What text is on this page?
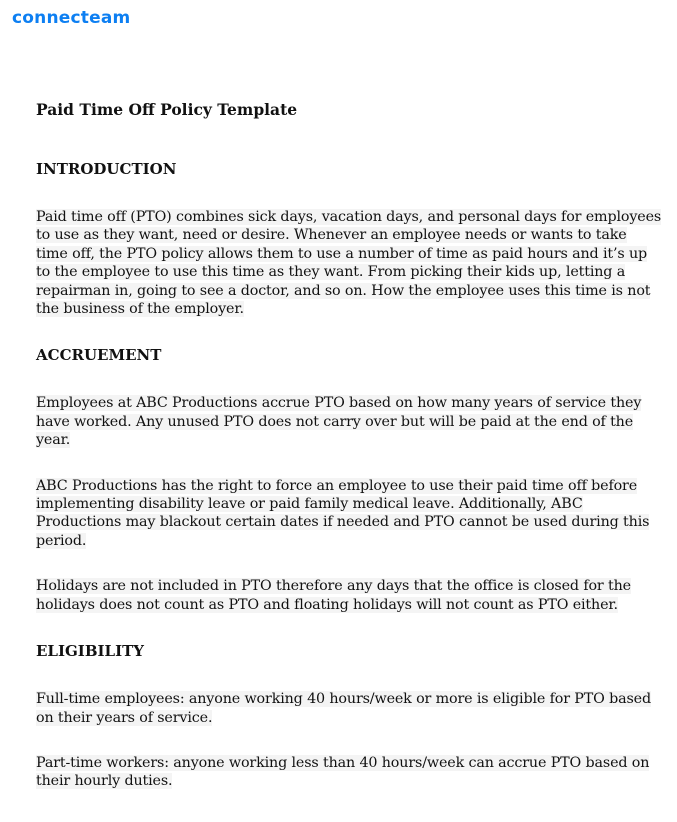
connecteam
Paid Time Off Policy Template
INTRODUCTION

Paid time off (PTO) combines sick days, vacation days, and personal days for employees to use as they want, need or desire. Whenever an employee needs or wants to take time off, the PTO policy allows them to use a number of time as paid hours and it’s up to the employee to use this time as they want. From picking their kids up, letting a repairman in, going to see a doctor, and so on. How the employee uses this time is not the business of the employer.

ACCRUEMENT

Employees at ABC Productions accrue PTO based on how many years of service they have worked. Any unused PTO does not carry over but will be paid at the end of the year.

ABC Productions has the right to force an employee to use their paid time off before implementing disability leave or paid family medical leave. Additionally, ABC Productions may blackout certain dates if needed and PTO cannot be used during this period.

Holidays are not included in PTO therefore any days that the office is closed for the holidays does not count as PTO and floating holidays will not count as PTO either.

ELIGIBILITY

Full-time employees: anyone working 40 hours/week or more is eligible for PTO based on their years of service.

Part-time workers: anyone working less than 40 hours/week can accrue PTO based on their hourly duties.
